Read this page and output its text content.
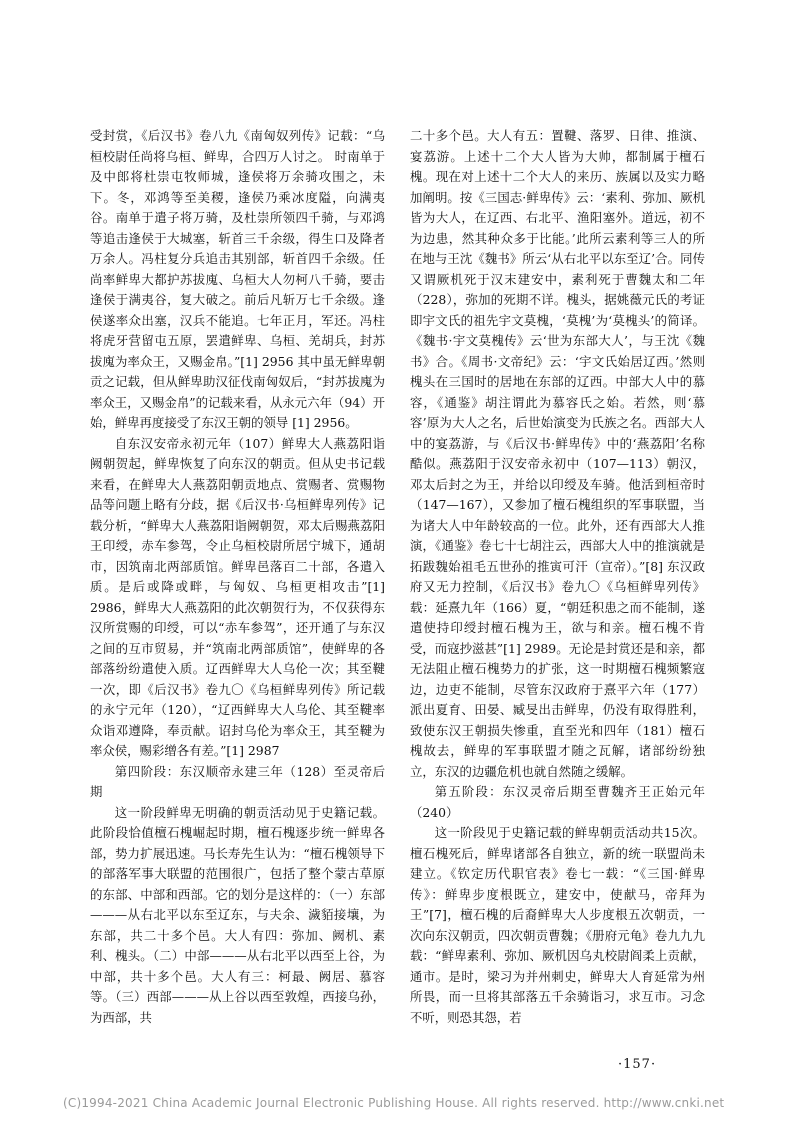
受封赏，《后汉书》卷八九《南匈奴列传》记载：“乌桓校尉任尚将乌桓、鲜卑，合四万人讨之。 时南单于及中郎将杜崇屯牧师城，逢侯将万余骑攻围之，未下。冬，邓鸿等至美稷，逢侯乃乘冰度隘，向满夷谷。南单于遣子将万骑，及杜崇所领四千骑，与邓鸿等追击逢侯于大城塞，斩首三千余级，得生口及降者万余人。冯柱复分兵追击其别部，斩首四千余级。任尚率鲜卑大都护苏拔廆、乌桓大人勿柯八千骑，要击逢侯于满夷谷，复大破之。前后凡斩万七千余级。逢侯遂率众出塞，汉兵不能追。七年正月，军还。冯柱将虎牙营留屯五原，罢遣鲜卑、乌桓、羌胡兵，封苏拔廆为率众王，又赐金帛。”[1] 2956 其中虽无鲜卑朝贡之记载，但从鲜卑助汉征伐南匈奴后，“封苏拔廆为率众王，又赐金帛”的记载来看，从永元六年（94）开始，鲜卑再度接受了东汉王朝的领导 [1] 2956。

自东汉安帝永初元年（107）鲜卑大人燕荔阳诣阙朝贺起，鲜卑恢复了向东汉的朝贡。但从史书记载来看，在鲜卑大人燕荔阳朝贡地点、赏赐者、赏赐物品等问题上略有分歧，据《后汉书·乌桓鲜卑列传》记载分析，“鲜卑大人燕荔阳诣阙朝贺，邓太后赐燕荔阳王印绶，赤车参驾，令止乌桓校尉所居宁城下，通胡市，因筑南北两部质馆。鲜卑邑落百二十部，各遣入质。是后或降或畔，与匈奴、乌桓更相攻击”[1] 2986，鲜卑大人燕荔阳的此次朝贺行为，不仅获得东汉所赏赐的印绶，可以“赤车参驾”，还开通了与东汉之间的互市贸易，并“筑南北两部质馆”，使鲜卑的各部落纷纷遣使入质。辽西鲜卑大人乌伦一次；其至鞬一次，即《后汉书》卷九〇《乌桓鲜卑列传》所记载的永宁元年（120），“辽西鲜卑大人乌伦、其至鞬率众诣邓遵降，奉贡献。诏封乌伦为率众王，其至鞬为率众侯，赐彩缯各有差。”[1] 2987

第四阶段：东汉顺帝永建三年（128）至灵帝后期

这一阶段鲜卑无明确的朝贡活动见于史籍记载。此阶段恰值檀石槐崛起时期，檀石槐逐步统一鲜卑各部，势力扩展迅速。马长寿先生认为：“檀石槐领导下的部落军事大联盟的范围很广，包括了整个蒙古草原的东部、中部和西部。它的划分是这样的：（一）东部———从右北平以东至辽东，与夫余、濊貊接壤，为东部，共二十多个邑。大人有四：弥加、阙机、素利、槐头。（二）中部———从右北平以西至上谷，为中部，共十多个邑。大人有三：柯最、阙居、慕容等。（三）西部———从上谷以西至敦煌，西接乌孙，为西部，共

二十多个邑。大人有五：置鞬、落罗、日律、推演、宴荔游。上述十二个大人皆为大帅，都制属于檀石槐。现在对上述十二个大人的来历、族属以及实力略加阐明。按《三国志·鲜卑传》云：‘素利、弥加、厥机皆为大人，在辽西、右北平、渔阳塞外。道远，初不为边患，然其种众多于比能。’此所云素利等三人的所在地与王沈《魏书》所云‘从右北平以东至辽’合。同传又谓厥机死于汉末建安中，素利死于曹魏太和二年（228），弥加的死期不详。槐头，据姚薇元氏的考证即宇文氏的祖先宇文莫槐，‘莫槐’为‘莫槐头’的简译。《魏书·宇文莫槐传》云‘世为东部大人’，与王沈《魏书》合。《周书·文帝纪》云：‘宇文氏始居辽西。’然则槐头在三国时的居地在东部的辽西。中部大人中的慕容，《通鉴》胡注谓此为慕容氏之始。若然，则‘慕容’原为大人之名，后世始演变为氏族之名。西部大人中的宴荔游，与《后汉书·鲜卑传》中的‘燕荔阳’名称酷似。燕荔阳于汉安帝永初中（107—113）朝汉，邓太后封之为王，并给以印绶及车骑。他活到桓帝时（147—167），又参加了檀石槐组织的军事联盟，当为诸大人中年龄较高的一位。此外，还有西部大人推演，《通鉴》卷七十七胡注云，西部大人中的推演就是拓跋魏始祖毛五世孙的推寅可汗（宣帝）。”[8] 东汉政府又无力控制，《后汉书》卷九〇《乌桓鲜卑列传》载：延熹九年（166）夏，“朝廷积患之而不能制，遂遣使持印绶封檀石槐为王，欲与和亲。檀石槐不肯受，而寇抄滋甚”[1] 2989。无论是封赏还是和亲，都无法阻止檀石槐势力的扩张，这一时期檀石槐频繁寇边，边吏不能制，尽管东汉政府于熹平六年（177）派出夏育、田晏、臧旻出击鲜卑，仍没有取得胜利，致使东汉王朝损失惨重，直至光和四年（181）檀石槐故去，鲜卑的军事联盟才随之瓦解，诸部纷纷独立，东汉的边疆危机也就自然随之缓解。

第五阶段：东汉灵帝后期至曹魏齐王正始元年（240）

这一阶段见于史籍记载的鲜卑朝贡活动共15次。檀石槐死后，鲜卑诸部各自独立，新的统一联盟尚未建立。《钦定历代职官表》卷七一载：“《三国·鲜卑传》：鲜卑步度根既立，建安中，使献马，帝拜为王”[7]，檀石槐的后裔鲜卑大人步度根五次朝贡，一次向东汉朝贡，四次朝贡曹魏；《册府元龟》卷九九九载：“鲜卑素利、弥加、厥机因乌丸校尉阎柔上贡献，通市。是时，梁习为并州刺史，鲜卑大人育延常为州所畏，而一旦将其部落五千余骑诣习，求互市。习念不听，则恐其怨，若

·157·
(C)1994-2021 China Academic Journal Electronic Publishing House. All rights reserved. http://www.cnki.net
